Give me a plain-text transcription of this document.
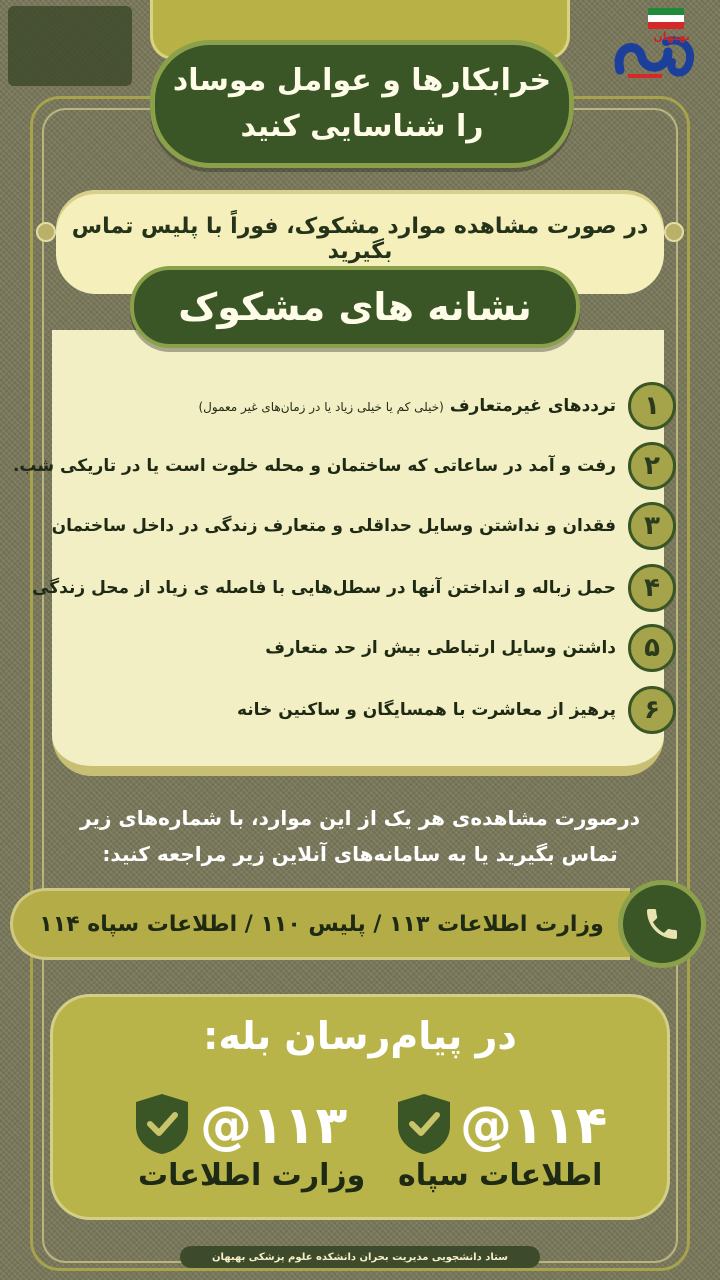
بهبهان
خرابکارها و عوامل موساد
را شناسایی کنید
در صورت مشاهده موارد مشکوک، فوراً با پلیس تماس بگیرید
نشانه های مشکوک
۱
ترددهای غیرمتعارف(خیلی کم یا خیلی زیاد یا در زمان‌های غیر معمول)
۲
رفت و آمد در ساعاتی که ساختمان و محله خلوت است یا در تاریکی شب.
۳
فقدان و نداشتن وسایل حداقلی و متعارف زندگی در داخل ساختمان
۴
حمل زباله و انداختن آنها در سطل‌هایی با فاصله ی زیاد از محل زندگی
۵
داشتن وسایل ارتباطی بیش از حد متعارف
۶
پرهیز از معاشرت با همسایگان و ساکنین خانه
درصورت مشاهده‌ی هر یک از این موارد، با شماره‌های زیر
تماس بگیرید یا به سامانه‌های آنلاین زیر مراجعه کنید:
وزارت اطلاعات ۱۱۳ / پلیس ۱۱۰ / اطلاعات سپاه ۱۱۴
در پیام‌رسان بله:
@۱۱۴
اطلاعات سپاه
@۱۱۳
وزارت اطلاعات
ستاد دانشجویی مدیریت بحران دانشکده علوم پزشکی بهبهان
